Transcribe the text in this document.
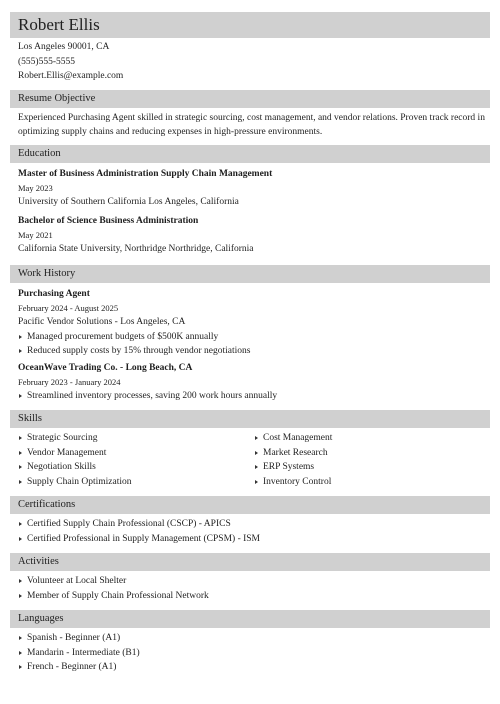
Robert Ellis
Los Angeles 90001, CA
(555)555-5555
Robert.Ellis@example.com
Resume Objective

Experienced Purchasing Agent skilled in strategic sourcing, cost management, and vendor relations. Proven track record in optimizing supply chains and reducing expenses in high-pressure environments.

Education
Master of Business Administration Supply Chain Management
May 2023
University of Southern California Los Angeles, California
Bachelor of Science Business Administration
May 2021
California State University, Northridge Northridge, California
Work History
Purchasing Agent
February 2024 - August 2025
Pacific Vendor Solutions - Los Angeles, CA
Managed procurement budgets of $500K annually
Reduced supply costs by 15% through vendor negotiations
OceanWave Trading Co. - Long Beach, CA
February 2023 - January 2024
Streamlined inventory processes, saving 200 work hours annually
Skills
Strategic Sourcing
Vendor Management
Negotiation Skills
Supply Chain Optimization
Cost Management
Market Research
ERP Systems
Inventory Control
Certifications
Certified Supply Chain Professional (CSCP) - APICS
Certified Professional in Supply Management (CPSM) - ISM
Activities
Volunteer at Local Shelter
Member of Supply Chain Professional Network
Languages
Spanish - Beginner (A1)
Mandarin - Intermediate (B1)
French - Beginner (A1)
